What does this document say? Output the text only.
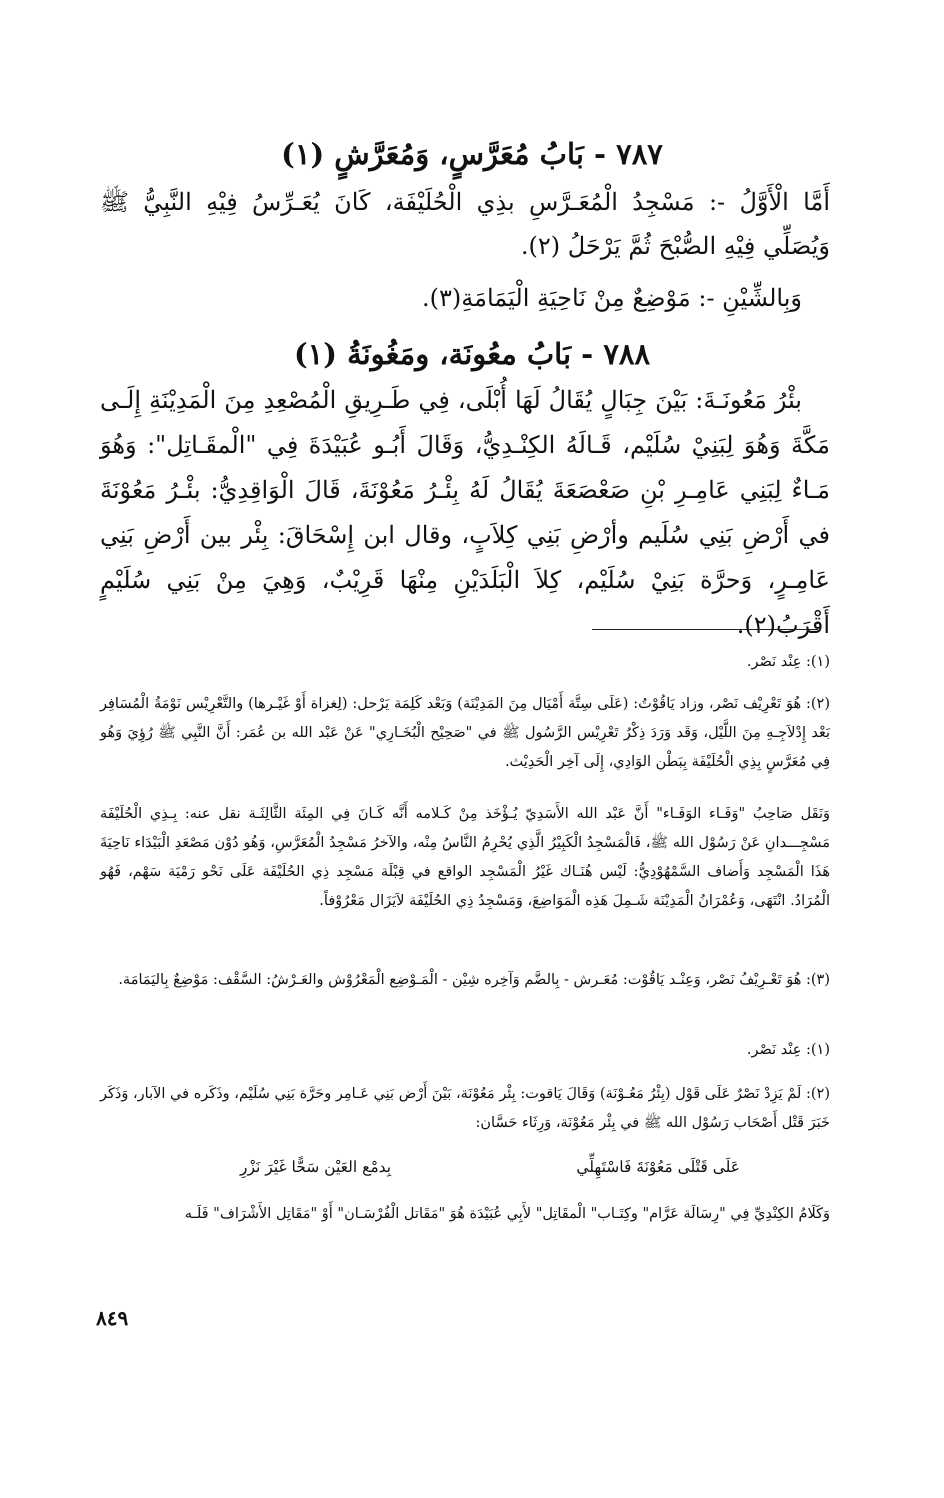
٧٨٧ - بَابُ مُعَرَّسٍ، وَمُعَرَّشٍ (١)
أَمَّا الْأَوَّلُ -: مَسْجِدُ الْمُعَـرَّسِ بذِي الْحُلَيْفَة، كَانَ يُعَـرِّسُ فِيْهِ النَّبِيُّ ﷺ وَيُصَلِّي فِيْهِ الصُّبْحَ ثُمَّ يَرْحَلُ (٢).
وَبِالشِّيْنِ -: مَوْضِعٌ مِنْ نَاحِيَةِ الْيَمَامَةِ(٣).
٧٨٨ - بَابُ معُونَة، ومَغُونَةُ (١)
بئْرُ مَعُونَـةَ: بَيْنَ جِبَالٍ يُقَالُ لَهَا أُبْلَى، فِي طَـرِيقِ الْمُصْعِدِ مِنَ الْمَدِيْنَةِ إِلَـى مَكَّةَ وَهُوَ لِبَنِيْ سُلَيْم، قَـالَهُ الكِنْـدِيُّ، وَقَالَ أَبُـو عُبَيْدَةَ فِي "الْمقَـاتِل": وَهُوَ مَـاءٌ لِبَنِي عَامِـرِ بْنِ صَعْصَعَةَ يُقَالُ لَهُ بِئْـرُ مَعُوْنَةَ، قَالَ الْوَاقِدِيُّ: بئْـرُ مَعُوْنَةَ في أَرْضِ بَنِي سُلَيم وأرْضِ بَنِي كِلاَبٍ، وقال ابن إِسْحَاقَ: بِئْر بين أَرْضِ بَنِي عَامِـرٍ، وَحرَّة بَنِيْ سُلَيْم، كِلاَ الْبَلَدَيْنِ مِنْهَا قَرِيْبٌ، وَهِيَ مِنْ بَنِي سُلَيْمٍ أَقْرَبُ(٢).
(١): عِنْد نَصْر.
(٢): هُوَ تَعْرِيْف نَصْر، وزاد يَاقُوْتُ: (عَلَى سِتَّة أَمْيَال مِنَ المَدِيْنَة) وَبَعْد كَلِمَة يَرْحل: (لِغزاة أَوْ غَيْـرها) والتَّعْرِيْس نَوْمَةُ الْمُسَافِر بَعْد إِدْلاَجِـهِ مِنَ اللَّيْل، وَقَد وَرَدَ ذِكْرُ تَعْرِيْس الرَّسُول ﷺ في "صَحِيْح الْبُخَـارِي" عَنْ عَبْد الله بن عُمَر: أَنَّ النَّبِي ﷺ رُؤِيَ وَهُو فِي مُعَرَّسٍ بِذِي الْحُلَيْفَة بِبَطْن الوَادِي، إِلَى آخِر الْحَدِيْث.
وَنَقَل صَاحِبُ "وَفَـاء الوَفَـاء" أَنَّ عَبْد الله الأَسَدِيّ يُـؤْخَذ مِنْ كَـلامه أَنَّه كَـانَ فِي المِئَة الثَّالِثَـة نقل عنه: بِـذِي الْحُلَيْفَة مَسْجِـــدانِ عَنْ رَسُوْل الله ﷺ، فَالْمَسْجِدُ الْكَبِيْرُ الَّذِي يُحْرِمُ النَّاسُ مِنْه، والآخرُ مَسْجِدُ الْمُعَرَّسِ، وَهُو دُوْن مَصْعَدِ الْبَيْدَاء نَاحِيَةَ هَذَا الْمَسْجِد وَأَضاف السَّمْهُوْدِيُّ: لَيْس هُنَـاك غَيْرُ الْمَسْجِد الواقع في قِبْلَة مَسْجِد ذِي الحُلَيْفَة عَلَى نَحْو رَمْيَة سَهْم، فَهُو الْمُرَادُ. انْتَهَى، وَعُمْرَانُ الْمَدِيْنَة شَـمِلَ هَذِه الْمَوَاضِعَ، وَمَسْجِدُ ذِي الحُلَيْفَة لاَيَزَال مَعْرُوْفاً.
(٣): هُوَ تَعْـرِيْفُ نَصْر، وَعِنْـد يَاقُوْت: مُعَـرش - بِالضَّم وَآخِره شِيْن - الْمَـوْضِع الْمَعْرُوْش والعَـرْشُ: السَّقْف: مَوْضِعٌ بِاليَمَامَة.
(١): عِنْد نَصْر.
(٢): لَمْ يَزِدْ نَصْرٌ عَلَى قَوْل (بِئْرُ مَعُـوْنَة) وَقَالَ يَاقوت: بِئْر مَعُوْنَة، بَيْنَ أَرْض بَنِي عَـامِر وحَرَّة بَنِي سُلَيْم، وذَكَره في الآبار، وَذَكَر خَبَرَ قَتْل أَصْحَاب رَسُوْل الله ﷺ في بِئْر مَعُوْنَة، وَرِثَاء حَسَّان:
عَلَى قَتْلَى مَعُوْنَةَ فَاسْتَهِلِّي
بِدمْع العَيْن سَحًّا غَيْرَ نَزْرِ
وَكَلَامُ الكِنْدِيِّ فِي "رِسَالَة عَرَّام" وكِتَـاب" الْمقَاتِل" لأَبِي عُبَيْدَة هُوَ "مَقَاتل الْفُرْسَـان" أَوْ "مَقَاتِل الأَشْرَاف" فَلَـه
٨٤٩
